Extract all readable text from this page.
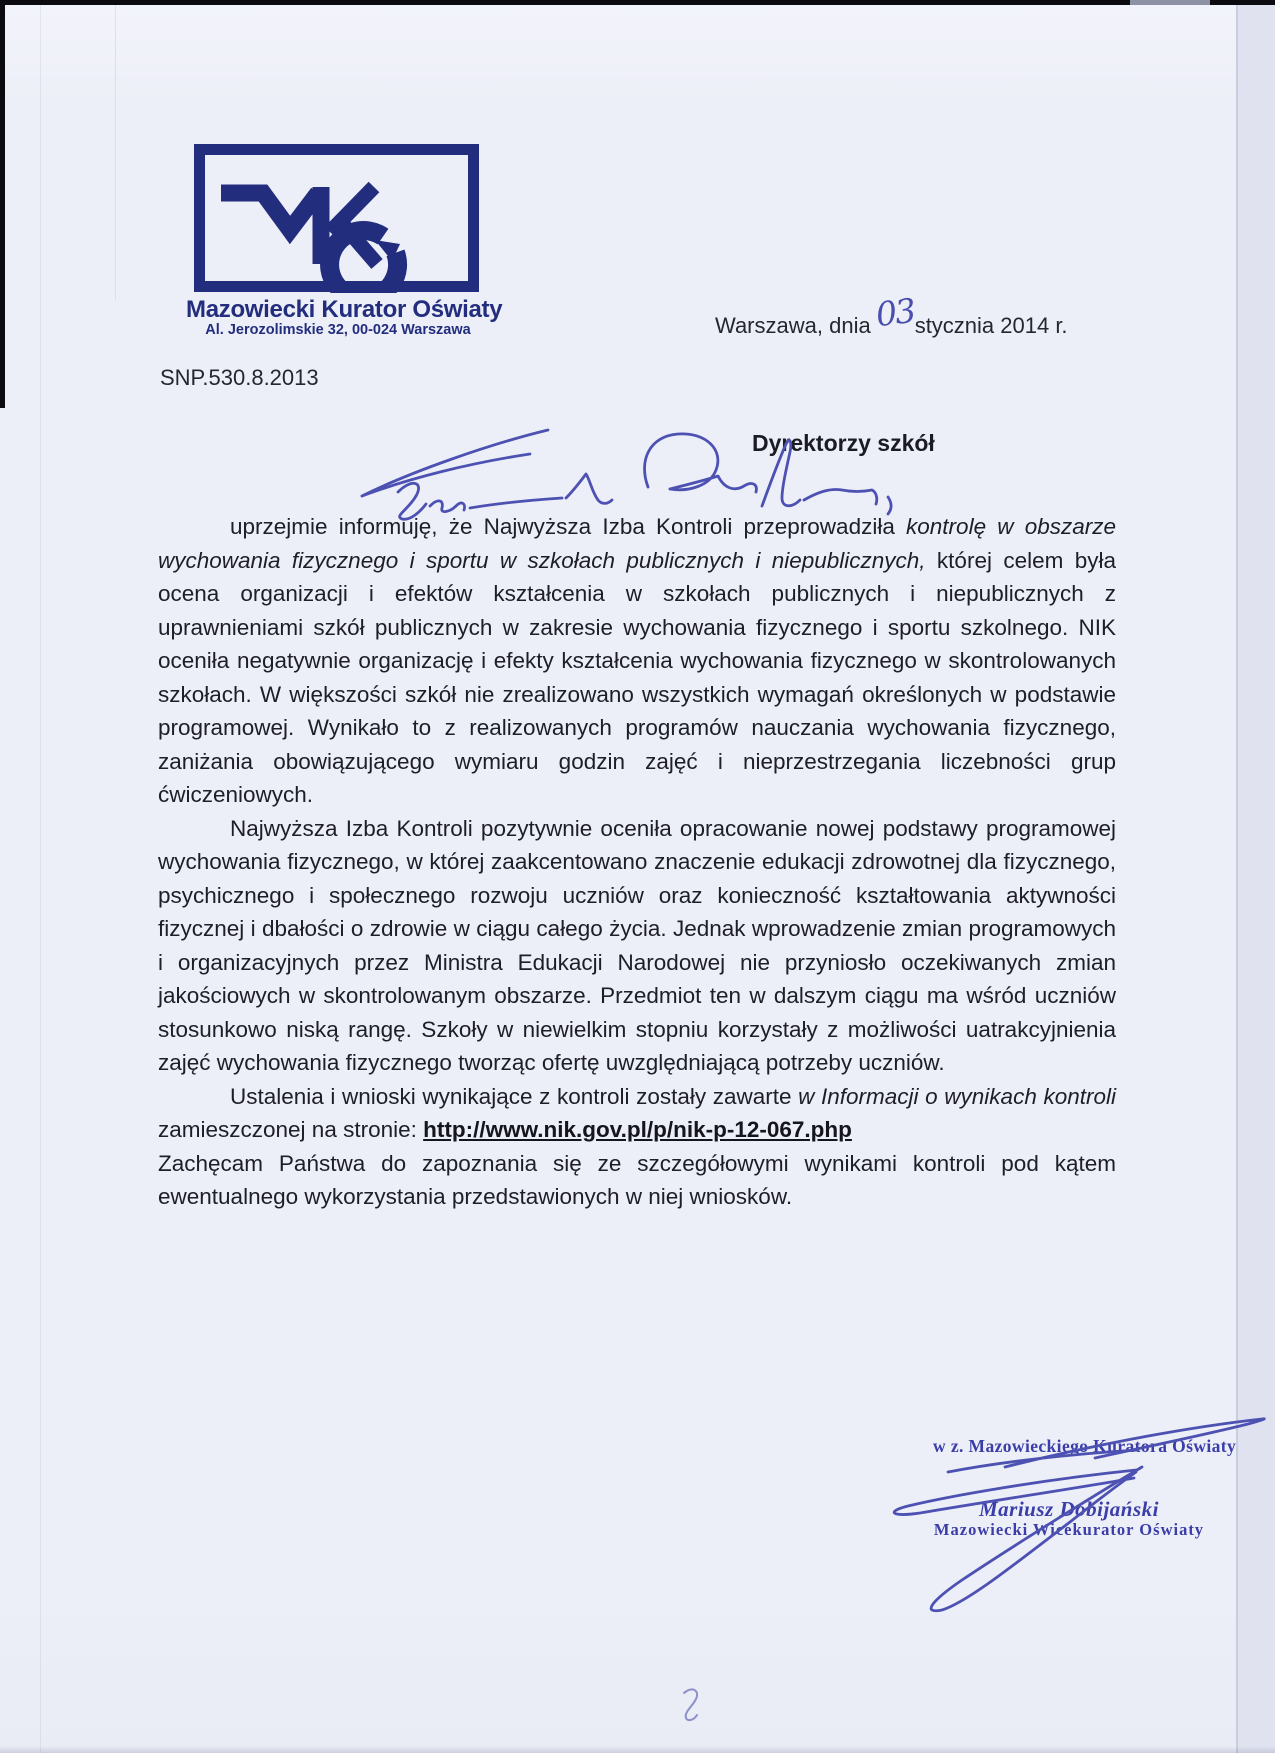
Mazowiecki Kurator Oświaty
Al. Jerozolimskie 32, 00-024 Warszawa	Warszawa, dnia03stycznia 2014 r.
SNP.530.8.2013
Dyrektorzy szkół

uprzejmie informuję, że Najwyższa Izba Kontroli przeprowadziła kontrolę w obszarze wychowania fizycznego i sportu w szkołach publicznych i niepublicznych, której celem była ocena organizacji i efektów kształcenia w szkołach publicznych i niepublicznych z uprawnieniami szkół publicznych w zakresie wychowania fizycznego i sportu szkolnego. NIK oceniła negatywnie organizację i efekty kształcenia wychowania fizycznego w skontrolowanych szkołach. W większości szkół nie zrealizowano wszystkich wymagań określonych w podstawie programowej. Wynikało to z realizowanych programów nauczania wychowania fizycznego, zaniżania obowiązującego wymiaru godzin zajęć i nieprzestrzegania liczebności grup ćwiczeniowych.

Najwyższa Izba Kontroli pozytywnie oceniła opracowanie nowej podstawy programowej wychowania fizycznego, w której zaakcentowano znaczenie edukacji zdrowotnej dla fizycznego, psychicznego i społecznego rozwoju uczniów oraz konieczność kształtowania aktywności fizycznej i dbałości o zdrowie w ciągu całego życia. Jednak wprowadzenie zmian programowych i organizacyjnych przez Ministra Edukacji Narodowej nie przyniosło oczekiwanych zmian jakościowych w skontrolowanym obszarze. Przedmiot ten w dalszym ciągu ma wśród uczniów stosunkowo niską rangę. Szkoły w niewielkim stopniu korzystały z możliwości uatrakcyjnienia zajęć wychowania fizycznego tworząc ofertę uwzględniającą potrzeby uczniów.

Ustalenia i wnioski wynikające z kontroli zostały zawarte w Informacji o wynikach kontroli zamieszczonej na stronie: http://www.nik.gov.pl/p/nik-p-12-067.php

Zachęcam Państwa do zapoznania się ze szczegółowymi wynikami kontroli pod kątem ewentualnego wykorzystania przedstawionych w niej wniosków.

w z. Mazowieckiego Kuratora Oświaty
Mariusz Dobijański
Mazowiecki Wicekurator Oświaty
